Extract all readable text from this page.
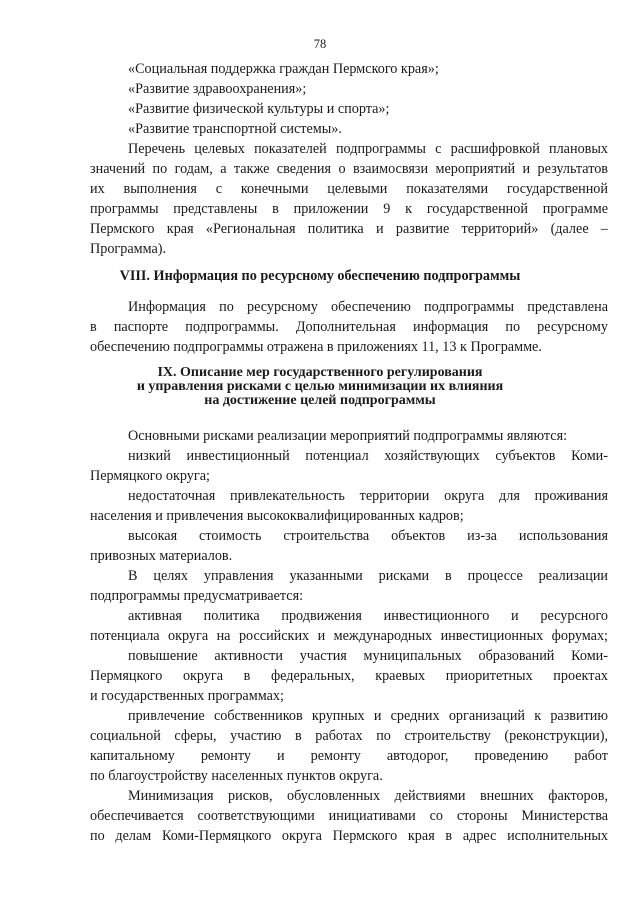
78
«Социальная поддержка граждан Пермского края»;
«Развитие здравоохранения»;
«Развитие физической культуры и спорта»;
«Развитие транспортной системы».
Перечень целевых показателей подпрограммы с расшифровкой плановых
значений по годам, а также сведения о взаимосвязи мероприятий и результатов
их выполнения с конечными целевыми показателями государственной
программы представлены в приложении 9 к государственной программе
Пермского края «Региональная политика и развитие территорий» (далее –
Программа).
VIII. Информация по ресурсному обеспечению подпрограммы
Информация по ресурсному обеспечению подпрограммы представлена
в паспорте подпрограммы. Дополнительная информация по ресурсному
обеспечению подпрограммы отражена в приложениях 11, 13 к Программе.
IX. Описание мер государственного регулирования
и управления рисками с целью минимизации их влияния
на достижение целей подпрограммы
Основными рисками реализации мероприятий подпрограммы являются:
низкий инвестиционный потенциал хозяйствующих субъектов Коми-
Пермяцкого округа;
недостаточная привлекательность территории округа для проживания
населения и привлечения высококвалифицированных кадров;
высокая стоимость строительства объектов из-за использования
привозных материалов.
В целях управления указанными рисками в процессе реализации
подпрограммы предусматривается:
активная политика продвижения инвестиционного и ресурсного
потенциала округа на российских и международных инвестиционных форумах;
повышение активности участия муниципальных образований Коми-
Пермяцкого округа в федеральных, краевых приоритетных проектах
и государственных программах;
привлечение собственников крупных и средних организаций к развитию
социальной сферы, участию в работах по строительству (реконструкции),
капитальному ремонту и ремонту автодорог, проведению работ
по благоустройству населенных пунктов округа.
Минимизация рисков, обусловленных действиями внешних факторов,
обеспечивается соответствующими инициативами со стороны Министерства
по делам Коми-Пермяцкого округа Пермского края в адрес исполнительных
